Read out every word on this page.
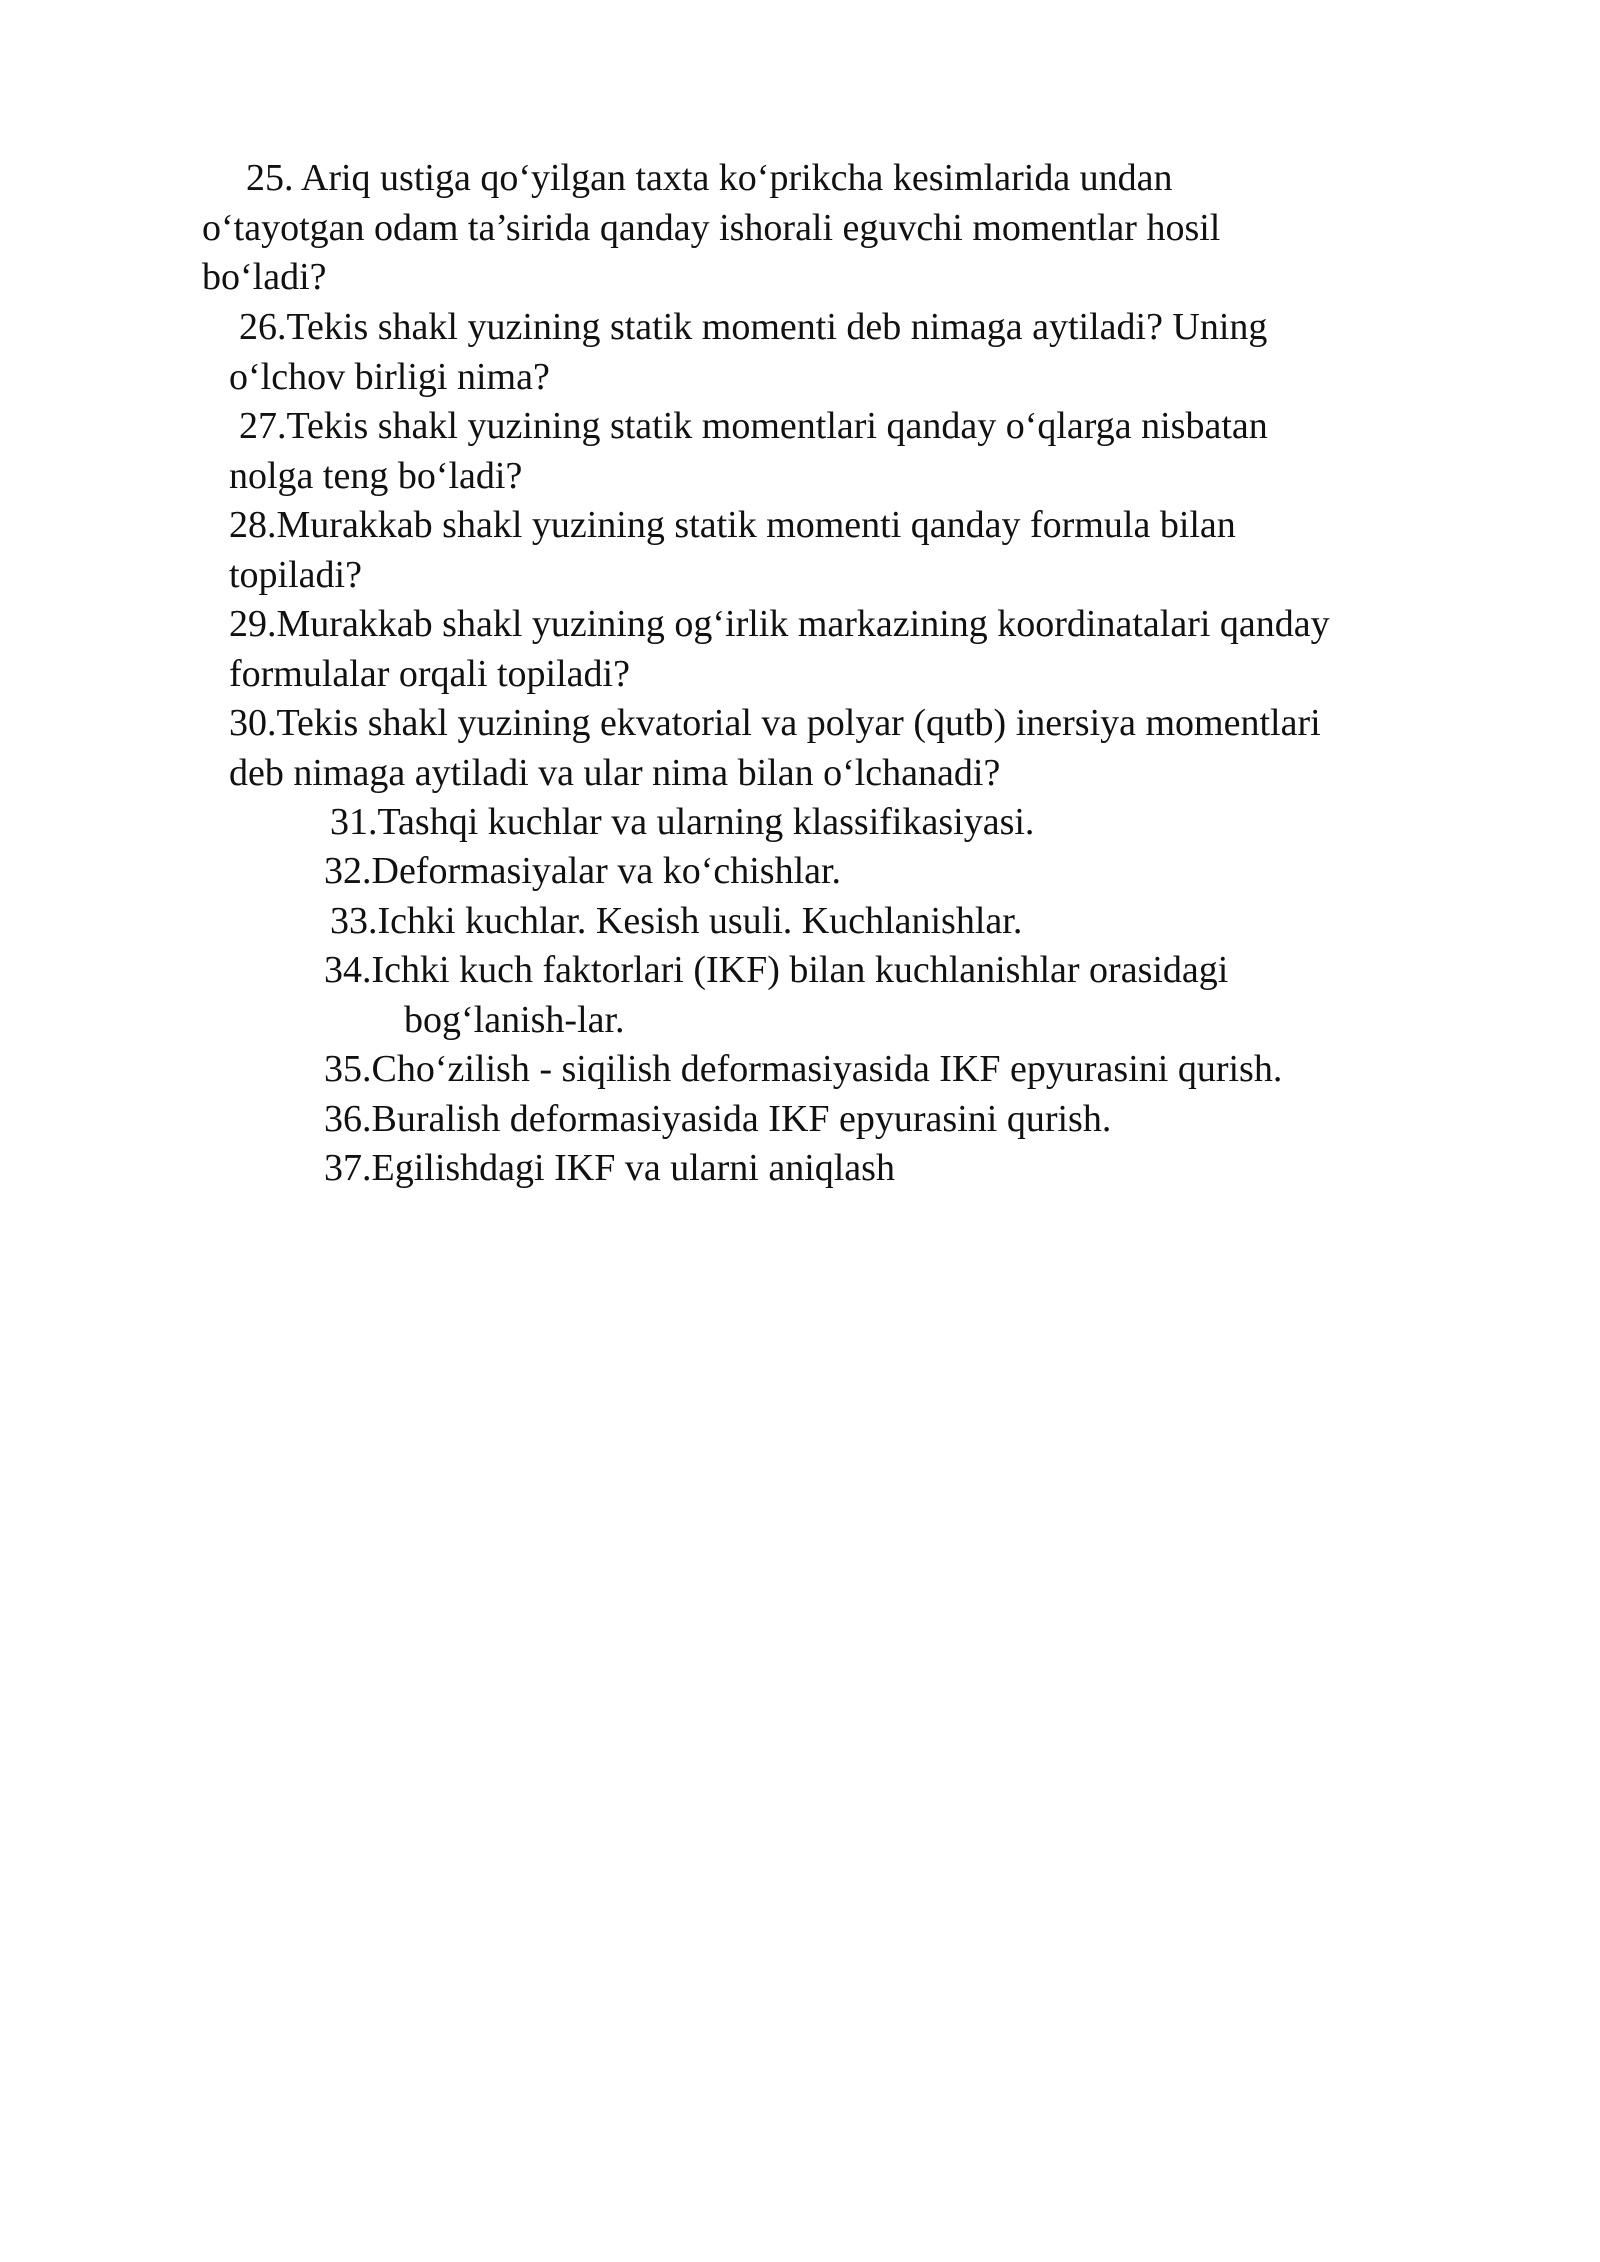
25. Ariq ustiga qo‘yilgan taxta ko‘prikcha kesimlarida undan
o‘tayotgan odam ta’sirida qanday ishorali eguvchi momentlar hosil
bo‘ladi?
26.Tekis shakl yuzining statik momenti deb nimaga aytiladi? Uning
o‘lchov birligi nima?
27.Tekis shakl yuzining statik momentlari qanday o‘qlarga nisbatan
nolga teng bo‘ladi?
28.Murakkab shakl yuzining statik momenti qanday formula bilan
topiladi?
29.Murakkab shakl yuzining og‘irlik markazining koordinatalari qanday
formulalar orqali topiladi?
30.Tekis shakl yuzining ekvatorial va polyar (qutb) inersiya momentlari
deb nimaga aytiladi va ular nima bilan o‘lchanadi?
31.Tashqi kuchlar va ularning klassifikasiyasi.
32.Deformasiyalar va ko‘chishlar.
33.Ichki kuchlar. Kesish usuli. Kuchlanishlar.
34.Ichki kuch faktorlari (IKF) bilan kuchlanishlar orasidagi
bog‘lanish-lar.
35.Cho‘zilish - siqilish deformasiyasida IKF epyurasini qurish.
36.Buralish deformasiyasida IKF epyurasini qurish.
37.Egilishdagi IKF va ularni aniqlash
